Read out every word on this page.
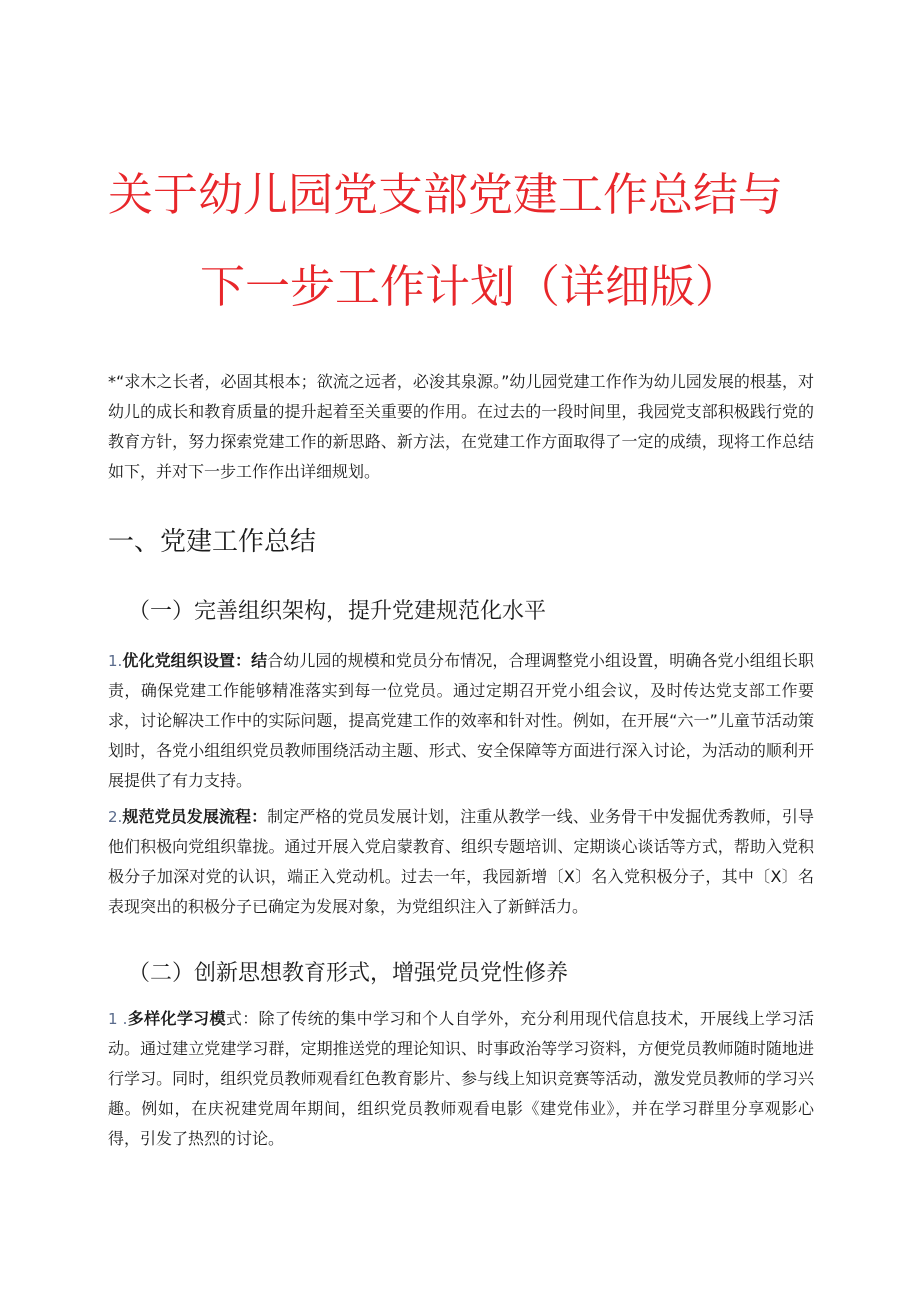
关于幼儿园党支部党建工作总结与
下一步工作计划（详细版）

*“求木之长者，必固其根本；欲流之远者，必浚其泉源。”幼儿园党建工作作为幼儿园发展的根基，对幼儿的成长和教育质量的提升起着至关重要的作用。在过去的一段时间里，我园党支部积极践行党的教育方针，努力探索党建工作的新思路、新方法，在党建工作方面取得了一定的成绩，现将工作总结如下，并对下一步工作作出详细规划。

一、党建工作总结
（一）完善组织架构，提升党建规范化水平

1.优化党组织设置：结合幼儿园的规模和党员分布情况，合理调整党小组设置，明确各党小组组长职责，确保党建工作能够精准落实到每一位党员。通过定期召开党小组会议，及时传达党支部工作要求，讨论解决工作中的实际问题，提高党建工作的效率和针对性。例如，在开展“六一”儿童节活动策划时，各党小组组织党员教师围绕活动主题、形式、安全保障等方面进行深入讨论，为活动的顺利开展提供了有力支持。

2.规范党员发展流程：制定严格的党员发展计划，注重从教学一线、业务骨干中发掘优秀教师，引导他们积极向党组织靠拢。通过开展入党启蒙教育、组织专题培训、定期谈心谈话等方式，帮助入党积极分子加深对党的认识，端正入党动机。过去一年，我园新增〔X〕名入党积极分子，其中〔X〕名表现突出的积极分子已确定为发展对象，为党组织注入了新鲜活力。

（二）创新思想教育形式，增强党员党性修养

1 .多样化学习模式：除了传统的集中学习和个人自学外，充分利用现代信息技术，开展线上学习活动。通过建立党建学习群，定期推送党的理论知识、时事政治等学习资料，方便党员教师随时随地进行学习。同时，组织党员教师观看红色教育影片、参与线上知识竞赛等活动，激发党员教师的学习兴趣。例如，在庆祝建党周年期间，组织党员教师观看电影《建党伟业》，并在学习群里分享观影心得，引发了热烈的讨论。
